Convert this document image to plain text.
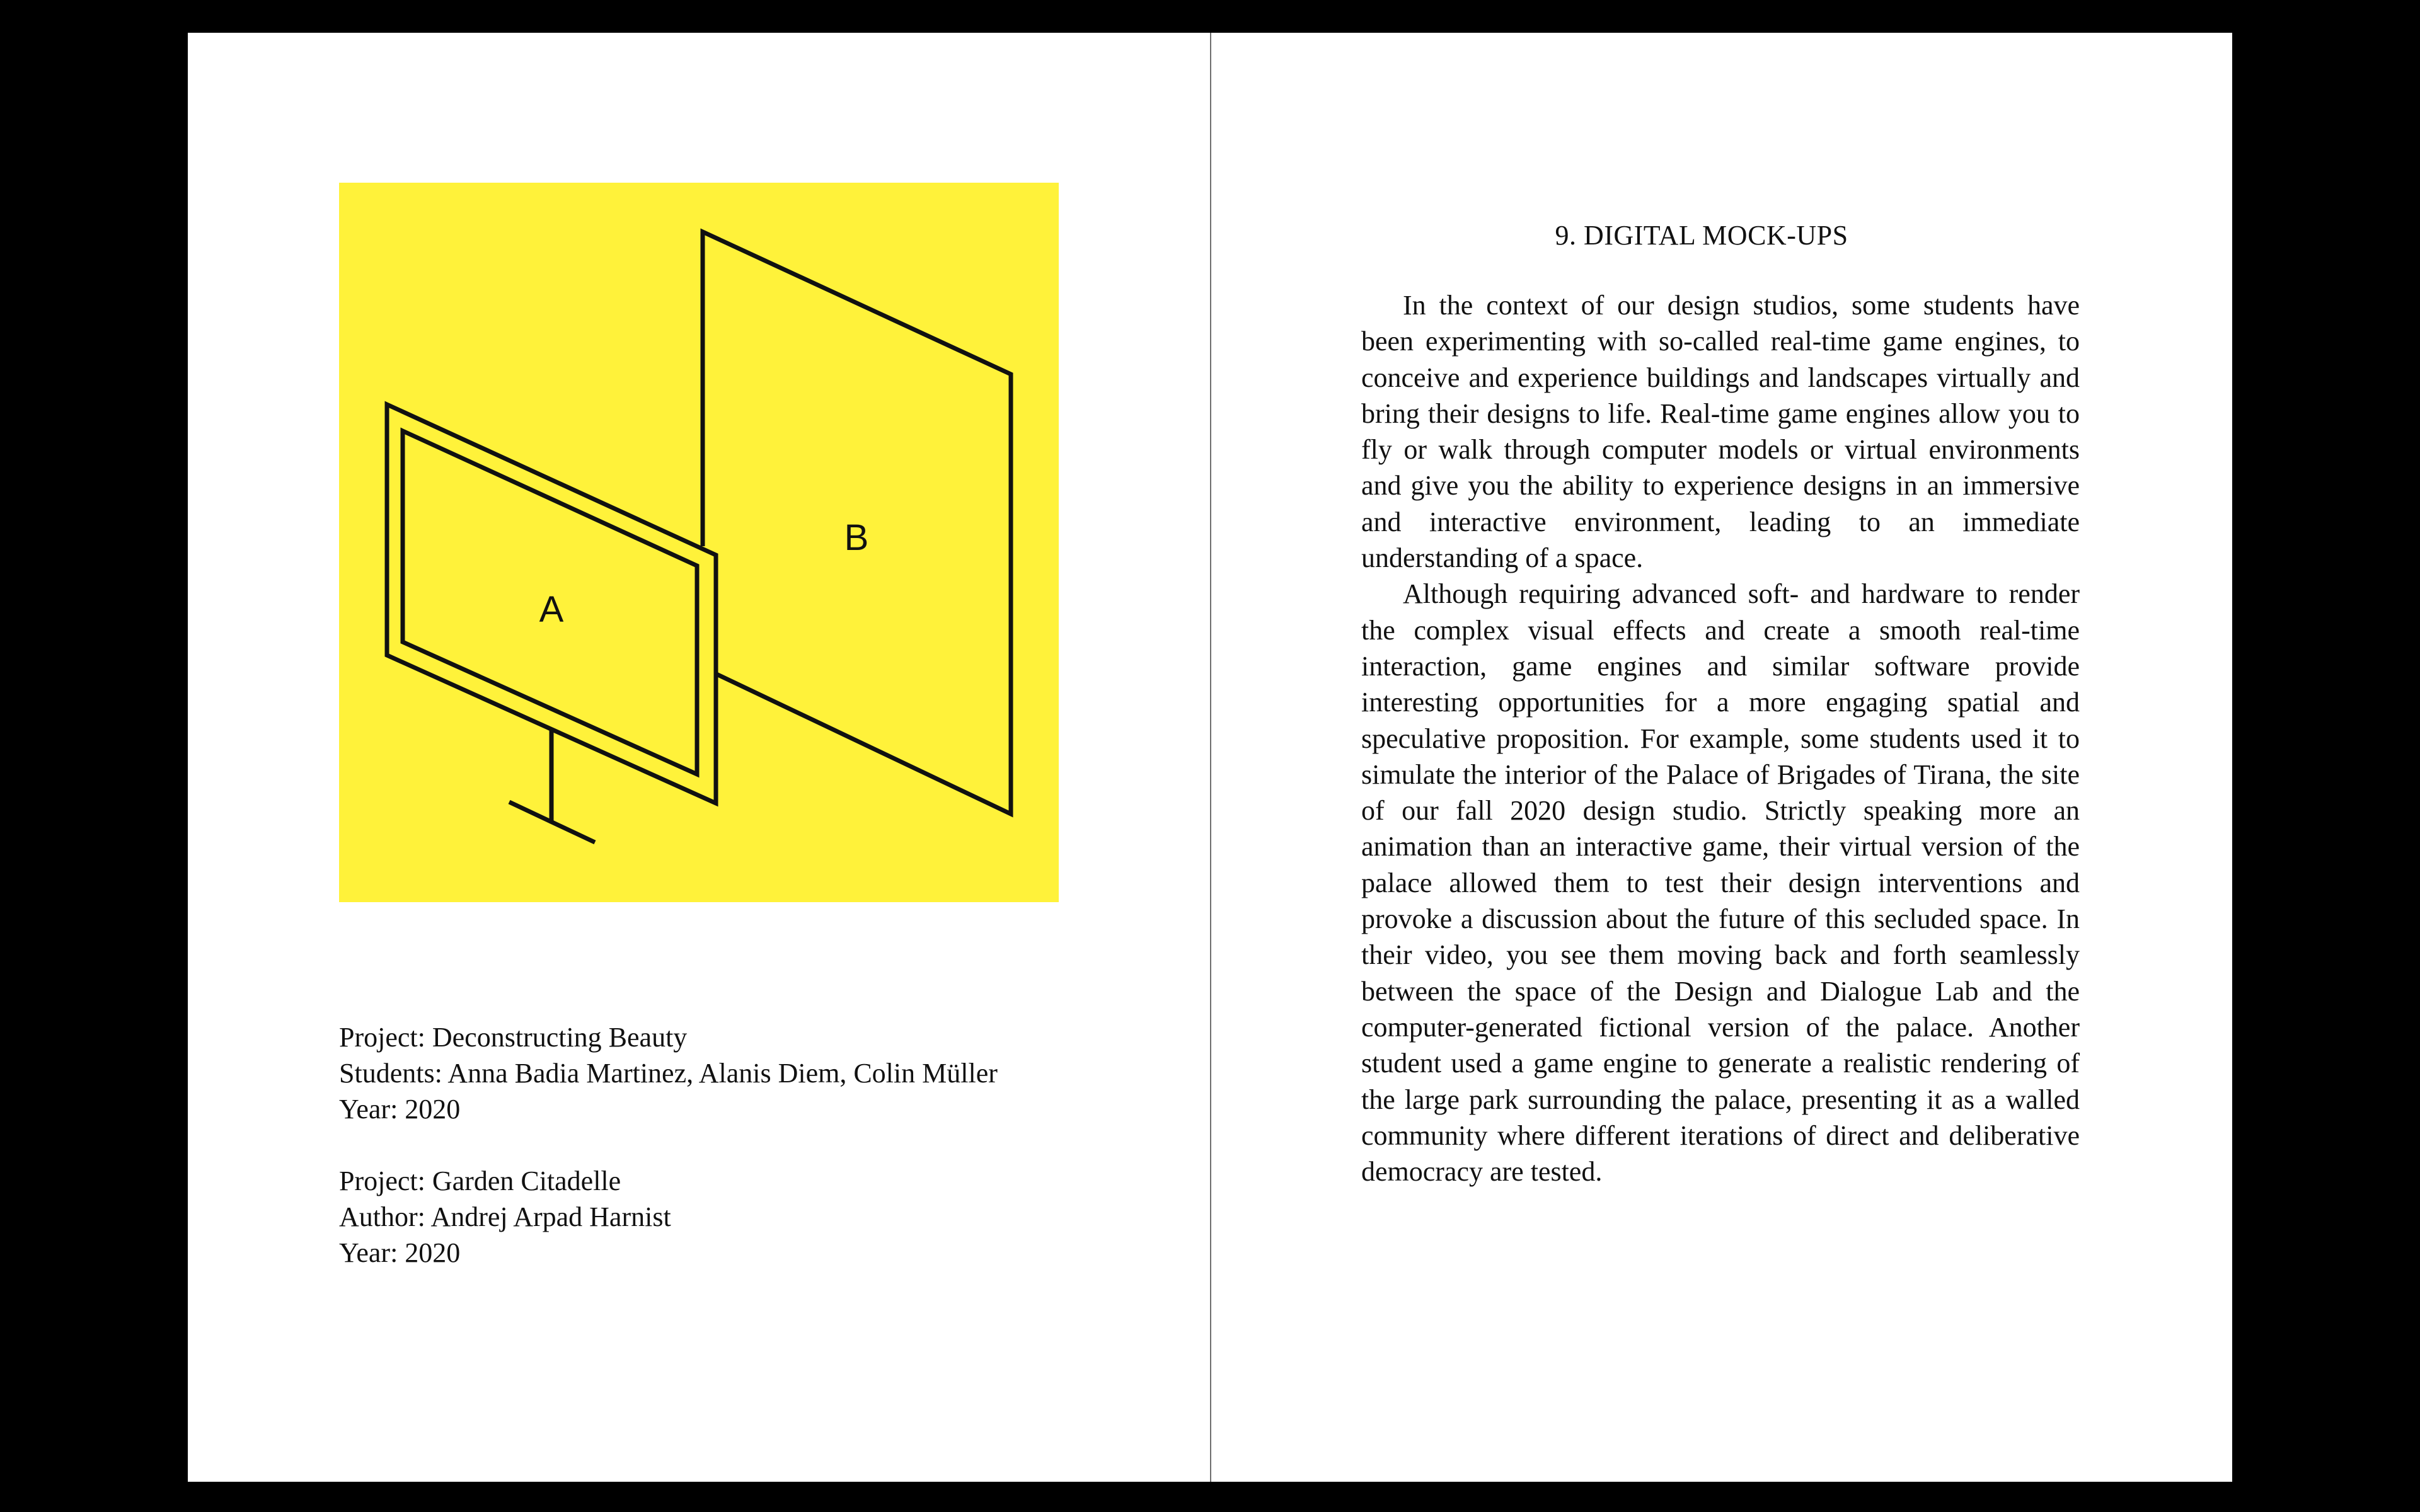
A
B
Project: Deconstructing Beauty
Students: Anna Badia Martinez, Alanis Diem, Colin Müller
Year: 2020
Project: Garden Citadelle
Author: Andrej Arpad Harnist
Year: 2020
9. DIGITAL MOCK-UPS

In the context of our design studios, some students have been experimenting with so-called real-time game engines, to conceive and experience buildings and landscapes virtually and bring their designs to life. Real-time game engines allow you to fly or walk through computer models or virtual environments and give you the ability to experience designs in an immersive and interactive environment, leading to an immediate understanding of a space.

Although requiring advanced soft- and hardware to render the complex visual effects and create a smooth real-time interaction, game engines and similar software provide interesting opportunities for a more engaging spatial and speculative proposition. For example, some students used it to simulate the interior of the Palace of Brigades of Tirana, the site of our fall 2020 design studio. Strictly speaking more an animation than an interactive game, their virtual version of the palace allowed them to test their design interventions and provoke a discussion about the future of this secluded space. In their video, you see them moving back and forth seamlessly between the space of the Design and Dialogue Lab and the computer-generated fictional version of the palace. Another student used a game engine to generate a realistic rendering of the large park surrounding the palace, presenting it as a walled community where different iterations of direct and deliberative democracy are tested.
